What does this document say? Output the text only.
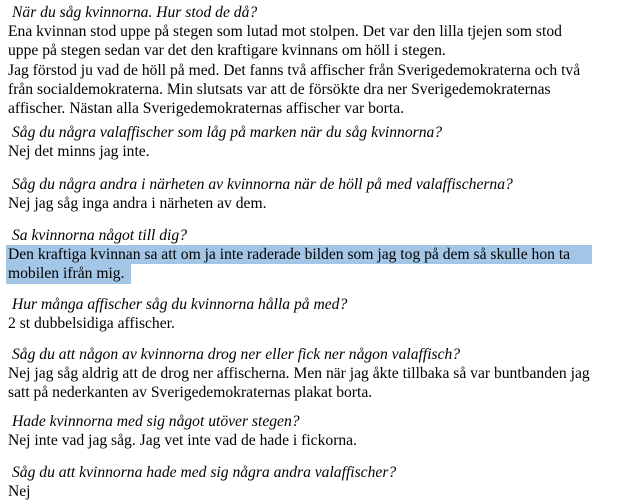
När du såg kvinnorna. Hur stod de då?
Ena kvinnan stod uppe på stegen som lutad mot stolpen. Det var den lilla tjejen som stod
uppe på stegen sedan var det den kraftigare kvinnans om höll i stegen.
Jag förstod ju vad de höll på med. Det fanns två affischer från Sverigedemokraterna och två
från socialdemokraterna. Min slutsats var att de försökte dra ner Sverigedemokraternas
affischer. Nästan alla Sverigedemokraternas affischer var borta.
Såg du några valaffischer som låg på marken när du såg kvinnorna?
Nej det minns jag inte.
Såg du några andra i närheten av kvinnorna när de höll på med valaffischerna?
Nej jag såg inga andra i närheten av dem.
Sa kvinnorna något till dig?
Den kraftiga kvinnan sa att om ja inte raderade bilden som jag tog på dem så skulle hon ta
mobilen ifrån mig.
Hur många affischer såg du kvinnorna hålla på med?
2 st dubbelsidiga affischer.
Såg du att någon av kvinnorna drog ner eller fick ner någon valaffisch?
Nej jag såg aldrig att de drog ner affischerna. Men när jag åkte tillbaka så var buntbanden jag
satt på nederkanten av Sverigedemokraternas plakat borta.
Hade kvinnorna med sig något utöver stegen?
Nej inte vad jag såg. Jag vet inte vad de hade i fickorna.
Såg du att kvinnorna hade med sig några andra valaffischer?
Nej
